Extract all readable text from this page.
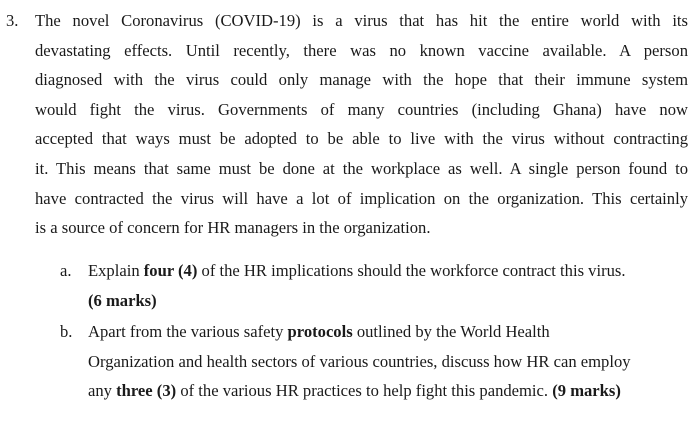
3. The novel Coronavirus (COVID-19) is a virus that has hit the entire world with its
devastating effects. Until recently, there was no known vaccine available. A person
diagnosed with the virus could only manage with the hope that their immune system
would fight the virus. Governments of many countries (including Ghana) have now
accepted that ways must be adopted to be able to live with the virus without contracting
it. This means that same must be done at the workplace as well. A single person found to
have contracted the virus will have a lot of implication on the organization. This certainly
is a source of concern for HR managers in the organization.
a. Explain four (4) of the HR implications should the workforce contract this virus.
(6 marks)
b. Apart from the various safety protocols outlined by the World Health
Organization and health sectors of various countries, discuss how HR can employ
any three (3) of the various HR practices to help fight this pandemic. (9 marks)
